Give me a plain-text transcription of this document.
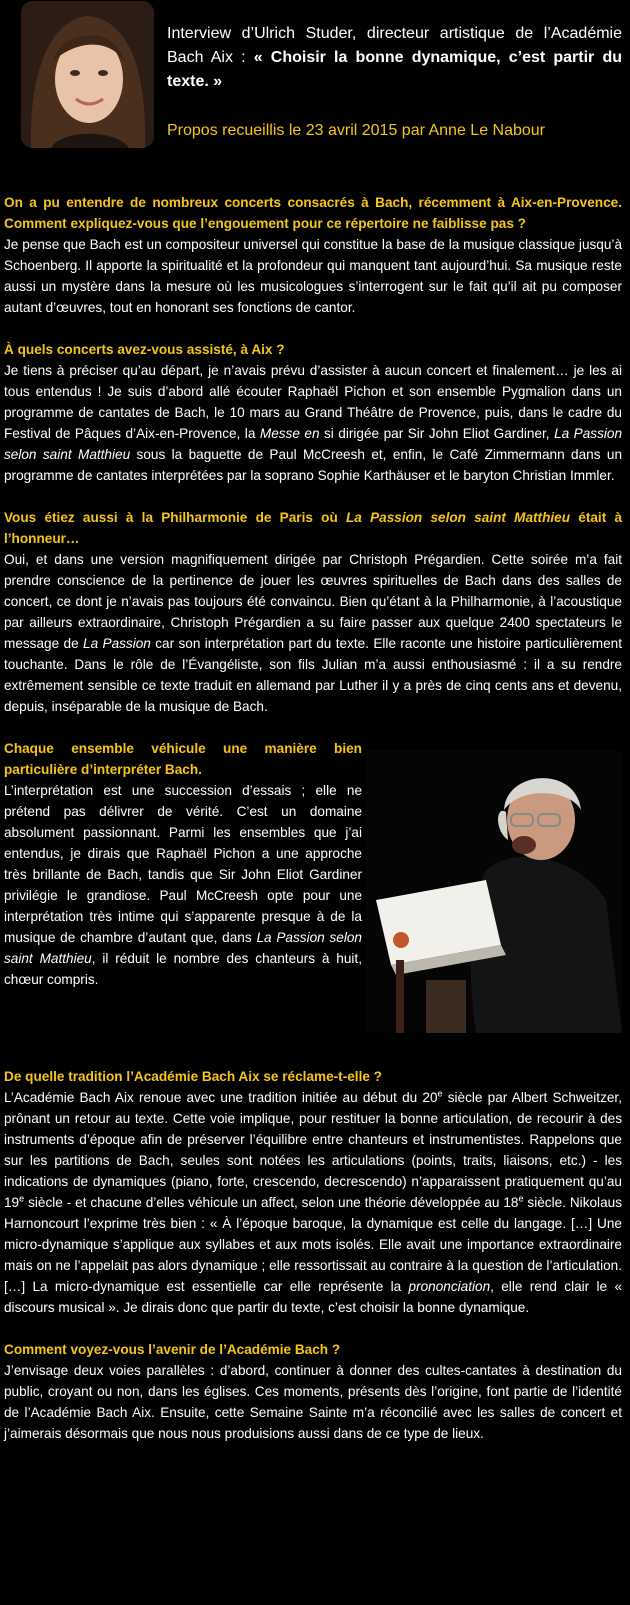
Interview d’Ulrich Studer, directeur artistique de l’Académie Bach Aix : « Choisir la bonne dynamique, c’est partir du texte. »
Propos recueillis le 23 avril 2015 par Anne Le Nabour
On a pu entendre de nombreux concerts consacrés à Bach, récemment à Aix-en-Provence. Comment expliquez-vous que l’engouement pour ce répertoire ne faiblisse pas ?
Je pense que Bach est un compositeur universel qui constitue la base de la musique classique jusqu’à Schoenberg. Il apporte la spiritualité et la profondeur qui manquent tant aujourd’hui. Sa musique reste aussi un mystère dans la mesure où les musicologues s’interrogent sur le fait qu’il ait pu composer autant d’œuvres, tout en honorant ses fonctions de cantor.
À quels concerts avez-vous assisté, à Aix ?
Je tiens à préciser qu’au départ, je n’avais prévu d’assister à aucun concert et finalement… je les ai tous entendus ! Je suis d’abord allé écouter Raphaël Pichon et son ensemble Pygmalion dans un programme de cantates de Bach, le 10 mars au Grand Théâtre de Provence, puis, dans le cadre du Festival de Pâques d’Aix-en-Provence, la Messe en si dirigée par Sir John Eliot Gardiner, La Passion selon saint Matthieu sous la baguette de Paul McCreesh et, enfin, le Café Zimmermann dans un programme de cantates interprétées par la soprano Sophie Karthäuser et le baryton Christian Immler.
Vous étiez aussi à la Philharmonie de Paris où La Passion selon saint Matthieu était à l’honneur…
Oui, et dans une version magnifiquement dirigée par Christoph Prégardien. Cette soirée m’a fait prendre conscience de la pertinence de jouer les œuvres spirituelles de Bach dans des salles de concert, ce dont je n’avais pas toujours été convaincu. Bien qu’étant à la Philharmonie, à l’acoustique par ailleurs extraordinaire, Christoph Prégardien a su faire passer aux quelque 2400 spectateurs le message de La Passion car son interprétation part du texte. Elle raconte une histoire particulièrement touchante. Dans le rôle de l’Évangéliste, son fils Julian m’a aussi enthousiasmé : il a su rendre extrêmement sensible ce texte traduit en allemand par Luther il y a près de cinq cents ans et devenu, depuis, inséparable de la musique de Bach.
Chaque ensemble véhicule une manière bien particulière d’interpréter Bach.
L’interprétation est une succession d’essais ; elle ne prétend pas délivrer de vérité. C’est un domaine absolument passionnant. Parmi les ensembles que j’ai entendus, je dirais que Raphaël Pichon a une approche très brillante de Bach, tandis que Sir John Eliot Gardiner privilégie le grandiose. Paul McCreesh opte pour une interprétation très intime qui s’apparente presque à de la musique de chambre d’autant que, dans La Passion selon saint Matthieu, il réduit le nombre des chanteurs à huit, chœur compris.
De quelle tradition l’Académie Bach Aix se réclame-t-elle ?
L’Académie Bach Aix renoue avec une tradition initiée au début du 20e siècle par Albert Schweitzer, prônant un retour au texte. Cette voie implique, pour restituer la bonne articulation, de recourir à des instruments d’époque afin de préserver l’équilibre entre chanteurs et instrumentistes. Rappelons que sur les partitions de Bach, seules sont notées les articulations (points, traits, liaisons, etc.) - les indications de dynamiques (piano, forte, crescendo, decrescendo) n’apparaissent pratiquement qu’au 19e siècle - et chacune d’elles véhicule un affect, selon une théorie développée au 18e siècle. Nikolaus Harnoncourt l’exprime très bien : « À l’époque baroque, la dynamique est celle du langage. […] Une micro-dynamique s’applique aux syllabes et aux mots isolés. Elle avait une importance extraordinaire mais on ne l’appelait pas alors dynamique ; elle ressortissait au contraire à la question de l’articulation. […] La micro-dynamique est essentielle car elle représente la prononciation, elle rend clair le « discours musical ». Je dirais donc que partir du texte, c’est choisir la bonne dynamique.
Comment voyez-vous l’avenir de l’Académie Bach ?
J’envisage deux voies parallèles : d’abord, continuer à donner des cultes-cantates à destination du public, croyant ou non, dans les églises. Ces moments, présents dès l’origine, font partie de l’identité de l’Académie Bach Aix. Ensuite, cette Semaine Sainte m’a réconcilié avec les salles de concert et j’aimerais désormais que nous nous produisions aussi dans de ce type de lieux.
